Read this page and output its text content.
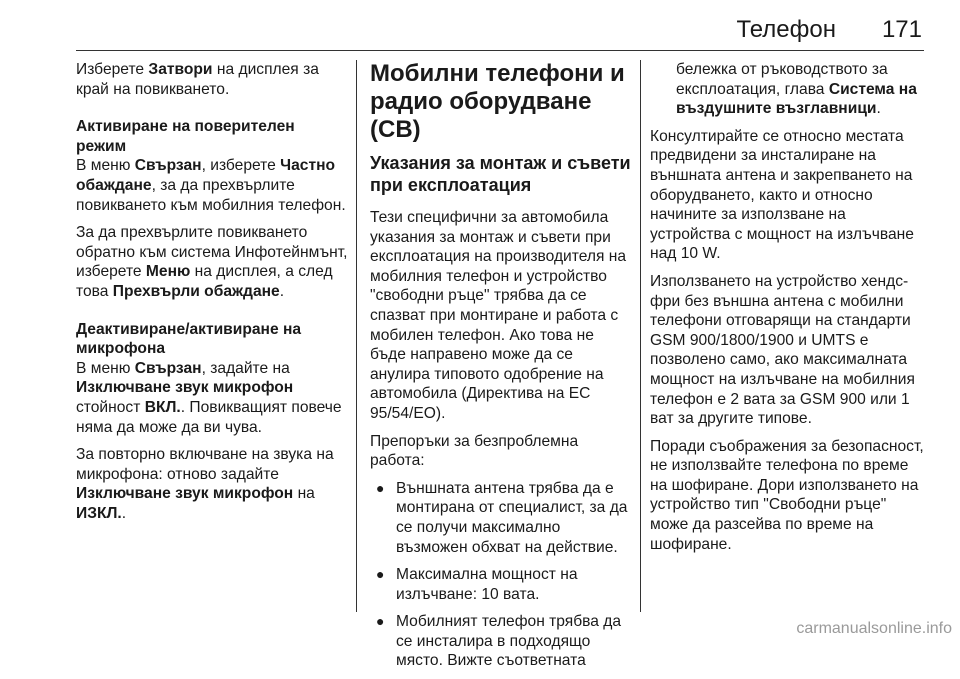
Телефон 171

Изберете Затвори на дисплея за край на повикването.

Активиране на поверителен режим

В меню Свързан, изберете Частно обаждане, за да прехвърлите повикването към мобилния телефон.

За да прехвърлите повикването обратно към система Инфотейнмънт, изберете Меню на дисплея, а след това Прехвърли обаждане.

Деактивиране/активиране на микрофона

В меню Свързан, задайте на Изключване звук микрофон стойност ВКЛ.. Повикващият повече няма да може да ви чува.

За повторно включване на звука на микрофона: отново задайте Изключване звук микрофон на ИЗКЛ..

Мобилни телефони и радио оборудване (CB)
Указания за монтаж и съвети при експлоатация

Тези специфични за автомобила указания за монтаж и съвети при експлоатация на производителя на мобилния телефон и устройство "свободни ръце" трябва да се спазват при монтиране и работа с мобилен телефон. Ако това не бъде направено може да се анулира типовото одобрение на автомобила (Директива на ЕС 95/54/ЕО).

Препоръки за безпроблемна работа:

● Външната антена трябва да е монтирана от специалист, за да се получи максимално възможен обхват на действие.
● Максимална мощност на излъчване: 10 вата.
● Мобилният телефон трябва да се инсталира в подходящо място. Вижте съответната
бележка от ръководството за експлоатация, глава Система на въздушните възглавници.

Консултирайте се относно местата предвидени за инсталиране на външната антена и закрепването на оборудването, както и относно начините за използване на устройства с мощност на излъчване над 10 W.

Използването на устройство хендс-фри без външна антена с мобилни телефони отговарящи на стандарти GSM 900/1800/1900 и UMTS е позволено само, ако максималната мощност на излъчване на мобилния телефон е 2 вата за GSM 900 или 1 ват за другите типове.

Поради съображения за безопасност, не използвайте телефона по време на шофиране. Дори използването на устройство тип "Свободни ръце" може да разсейва по време на шофиране.

carmanualsonline.info
